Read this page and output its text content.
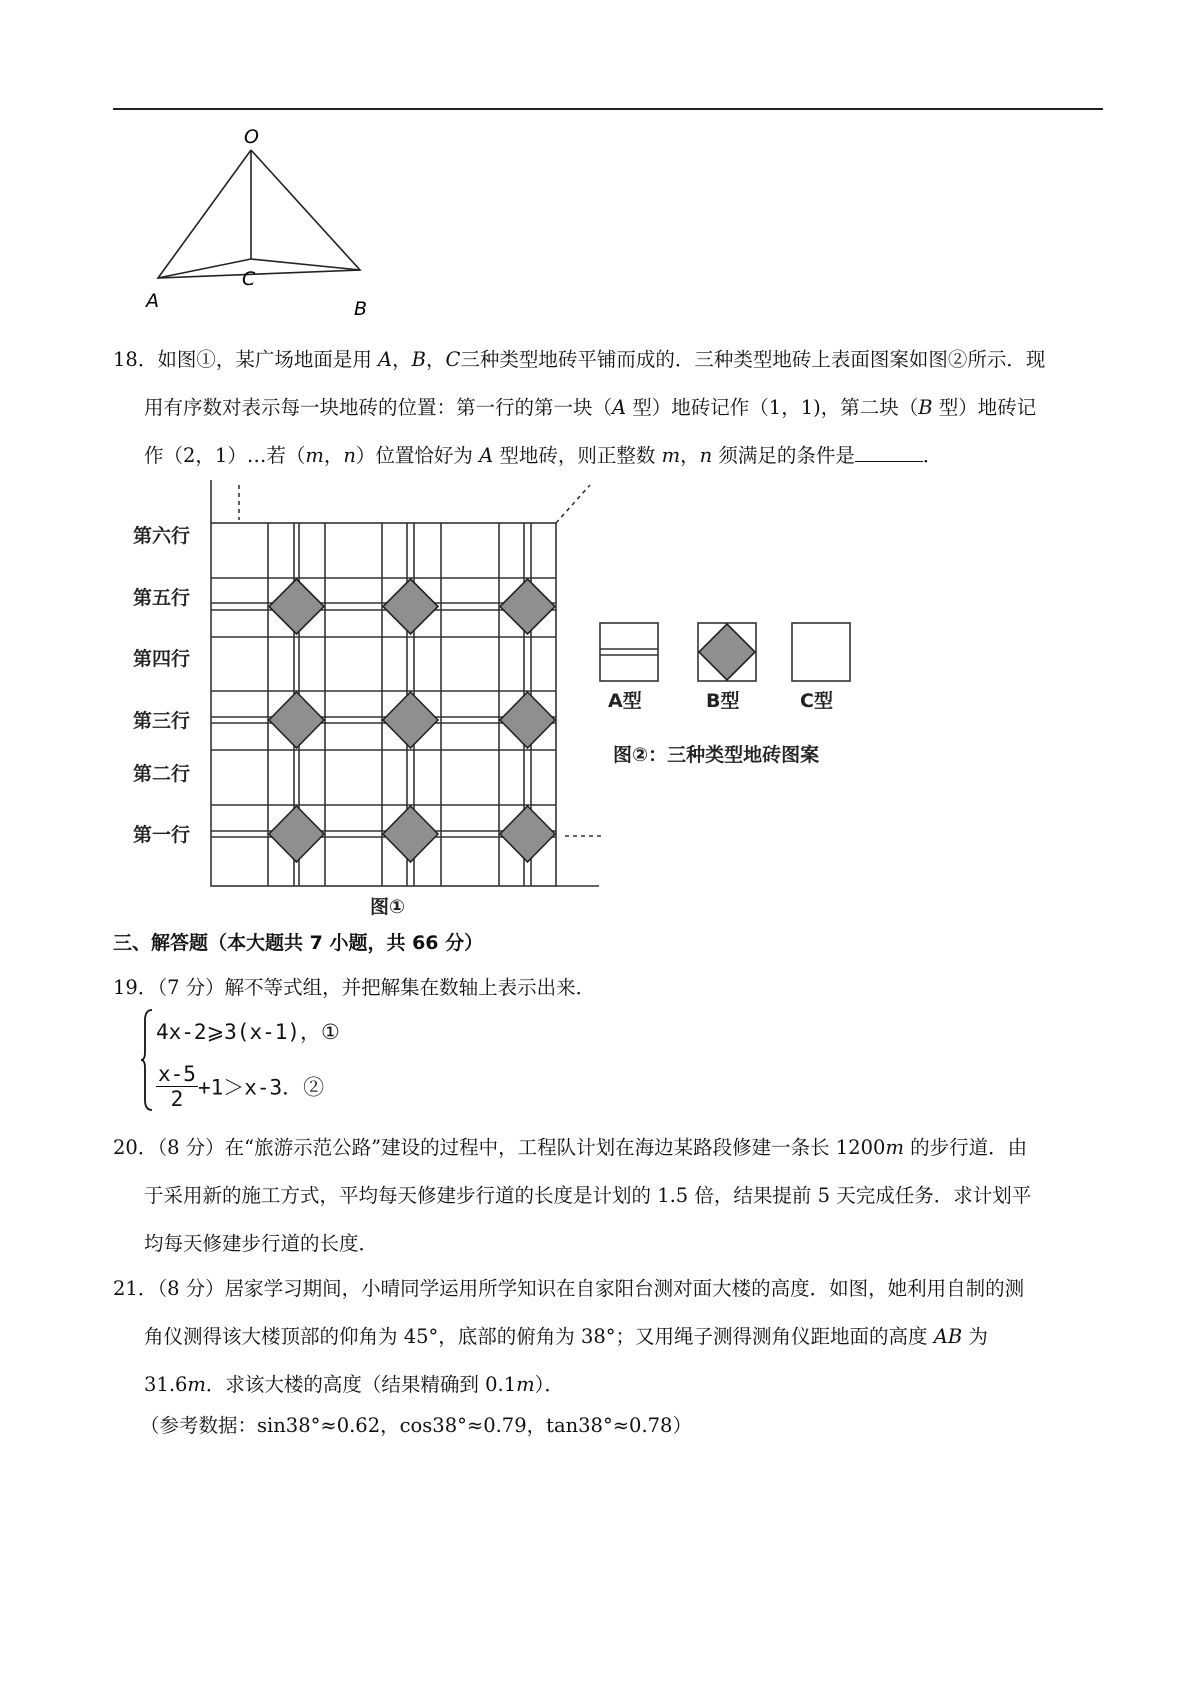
O
C
A	B
18．如图①，某广场地面是用 A，B，C三种类型地砖平铺而成的．三种类型地砖上表面图案如图②所示．现
用有序数对表示每一块地砖的位置：第一行的第一块（A 型）地砖记作（1，1)，第二块（B 型）地砖记
作（2，1）…若（m，n）位置恰好为 A 型地砖，则正整数 m，n 须满足的条件是	．
第六行
第五行
第四行
第三行
第二行
第一行
图①
A型	B型	C型
图②：三种类型地砖图案
三、解答题（本大题共 7 小题，共 66 分）
19．（7 分）解不等式组，并把解集在数轴上表示出来．
4x-2⩾3(x-1)，①
$\frac{x-5}{2} +1>x-3$．②
20．（8 分）在“旅游示范公路”建设的过程中，工程队计划在海边某路段修建一条长 1200m 的步行道．由
于采用新的施工方式，平均每天修建步行道的长度是计划的 1.5 倍，结果提前 5 天完成任务．求计划平
均每天修建步行道的长度．
21．（8 分）居家学习期间，小晴同学运用所学知识在自家阳台测对面大楼的高度．如图，她利用自制的测
角仪测得该大楼顶部的仰角为 45°，底部的俯角为 38°；又用绳子测得测角仪距地面的高度 AB 为
31.6m．求该大楼的高度（结果精确到 0.1m）．
（参考数据：sin38°≈0.62，cos38°≈0.79，tan38°≈0.78）
